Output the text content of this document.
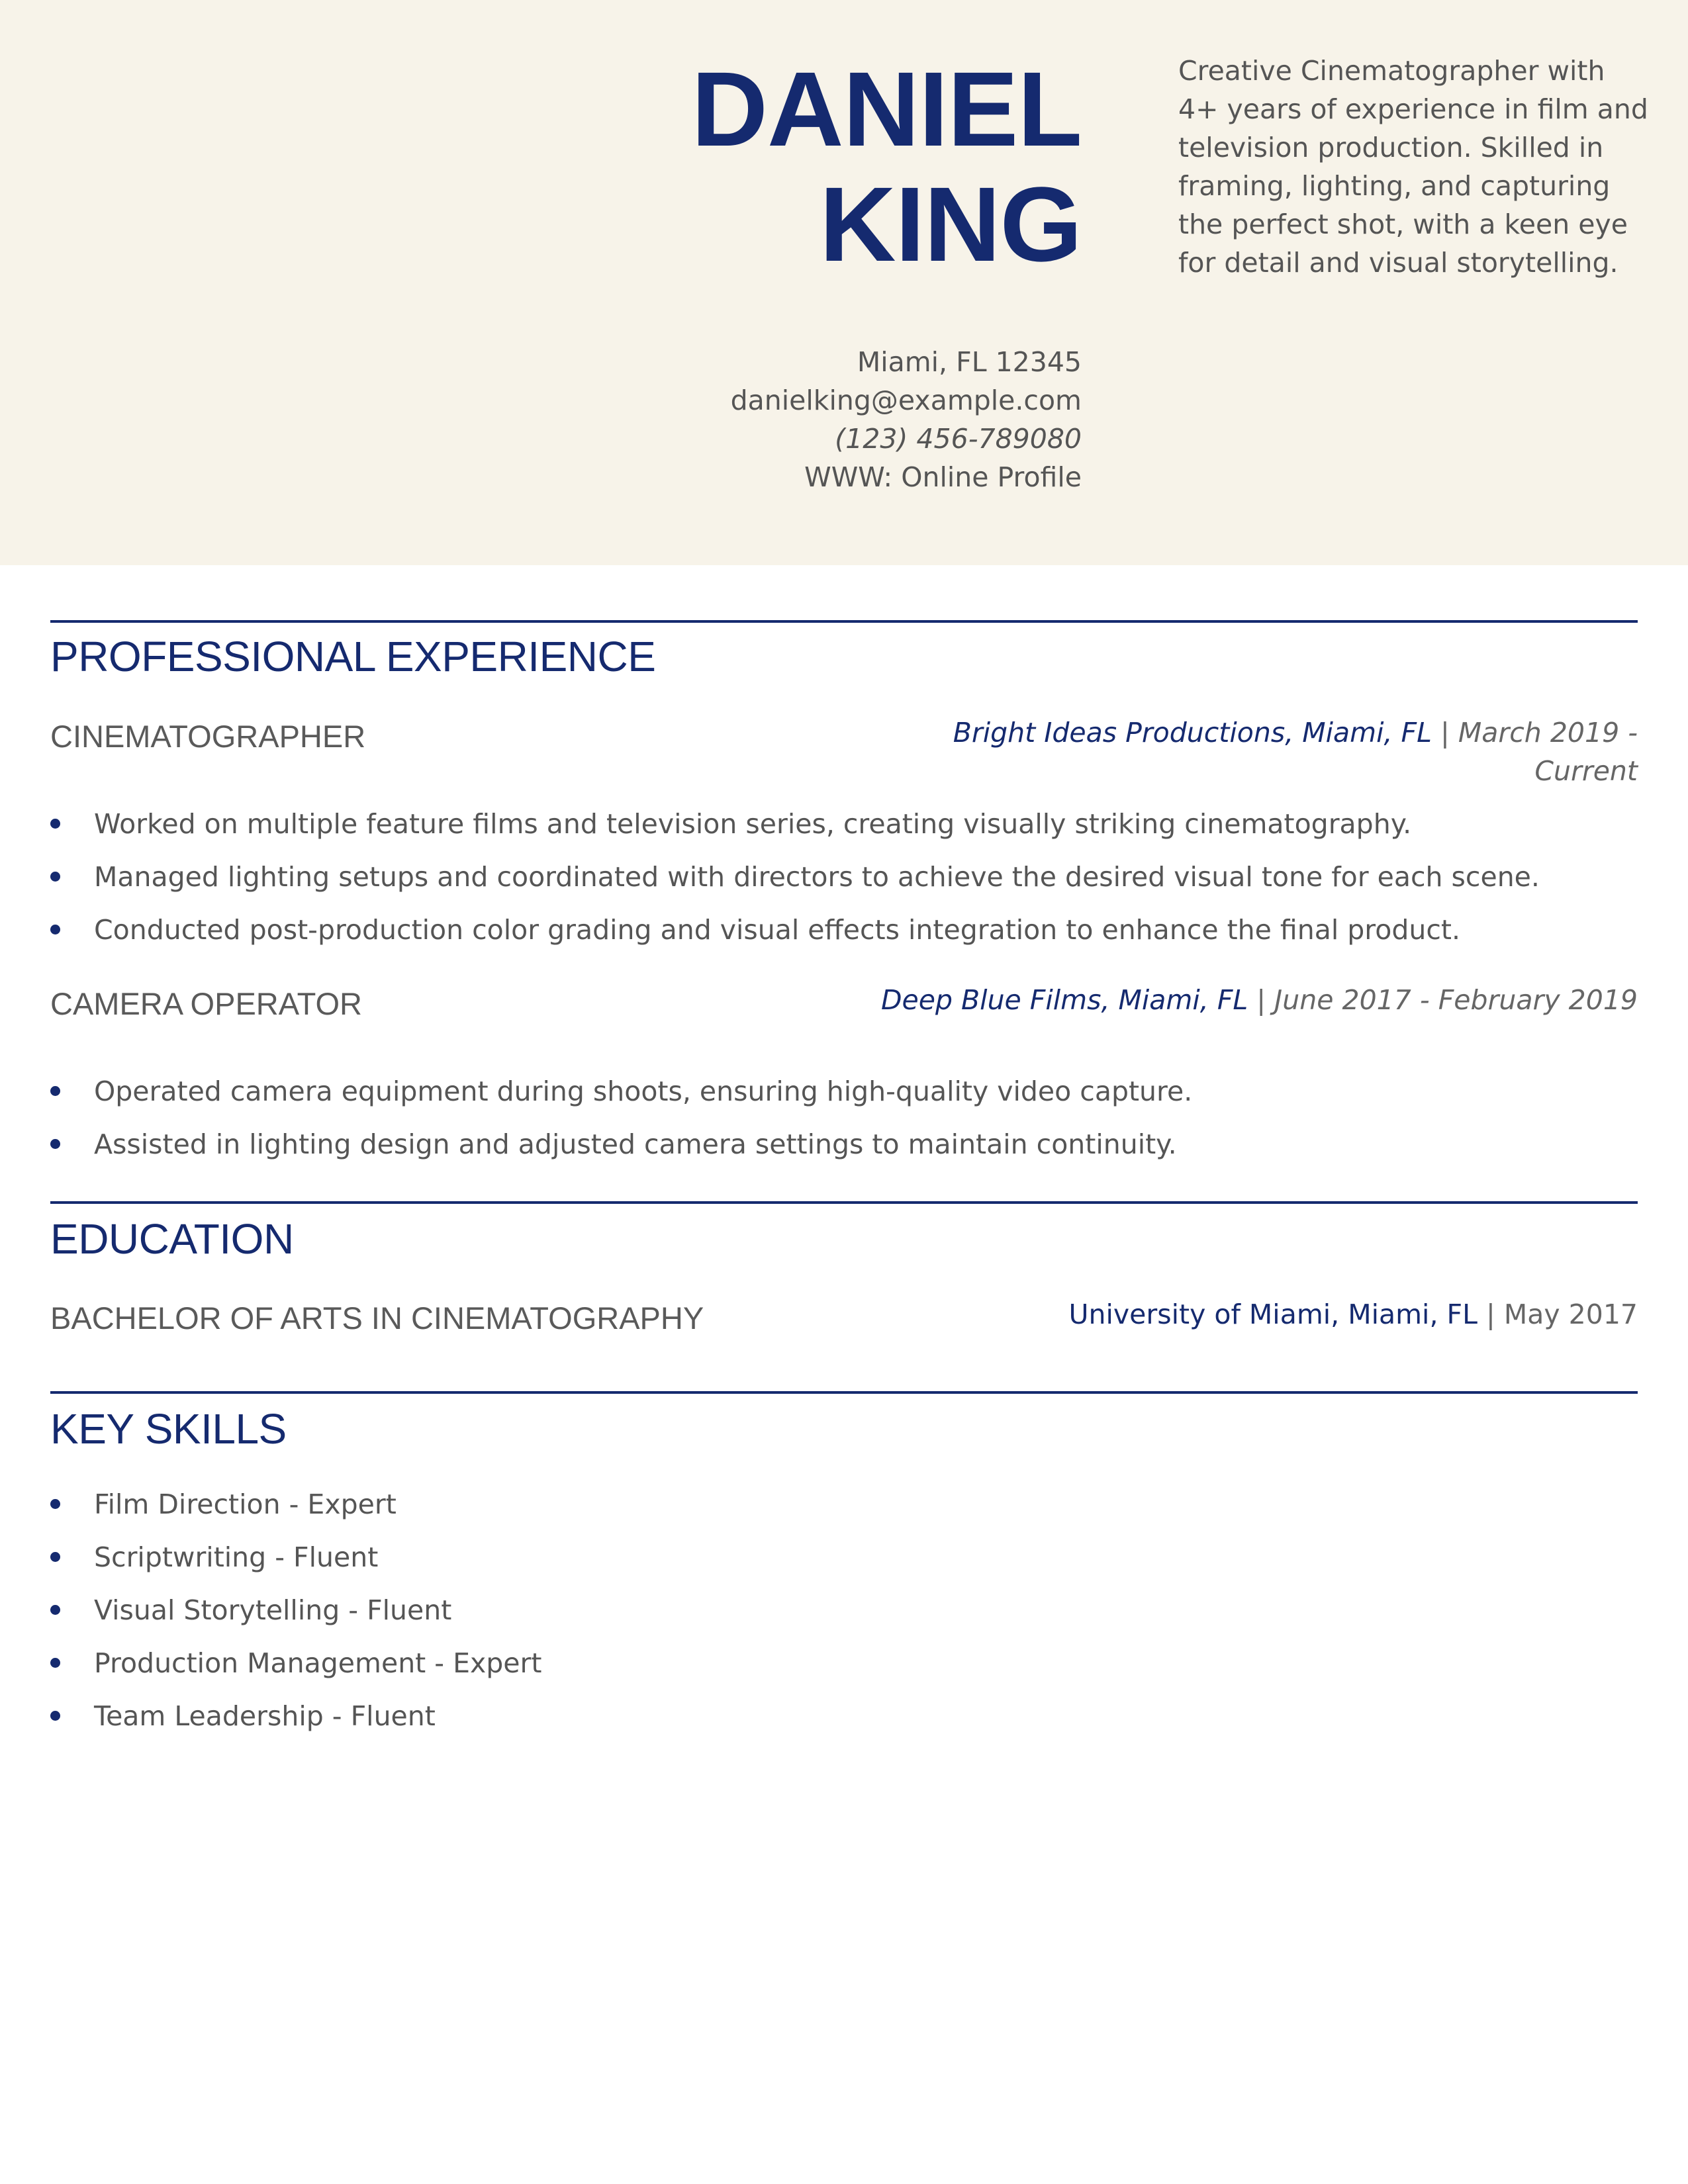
DANIEL
KING
Miami, FL 12345
danielking@example.com
(123) 456-789080
WWW: Online Profile
Creative Cinematographer with 4+ years of experience in film and television production. Skilled in framing, lighting, and capturing the perfect shot, with a keen eye for detail and visual storytelling.
PROFESSIONAL EXPERIENCE
CINEMATOGRAPHER	Bright Ideas Productions, Miami, FL | March 2019 - Current
Worked on multiple feature films and television series, creating visually striking cinematography.
Managed lighting setups and coordinated with directors to achieve the desired visual tone for each scene.
Conducted post-production color grading and visual effects integration to enhance the final product.
CAMERA OPERATOR	Deep Blue Films, Miami, FL | June 2017 - February 2019
Operated camera equipment during shoots, ensuring high-quality video capture.
Assisted in lighting design and adjusted camera settings to maintain continuity.
EDUCATION
BACHELOR OF ARTS IN CINEMATOGRAPHY	University of Miami, Miami, FL | May 2017
KEY SKILLS
Film Direction - Expert
Scriptwriting - Fluent
Visual Storytelling - Fluent
Production Management - Expert
Team Leadership - Fluent
